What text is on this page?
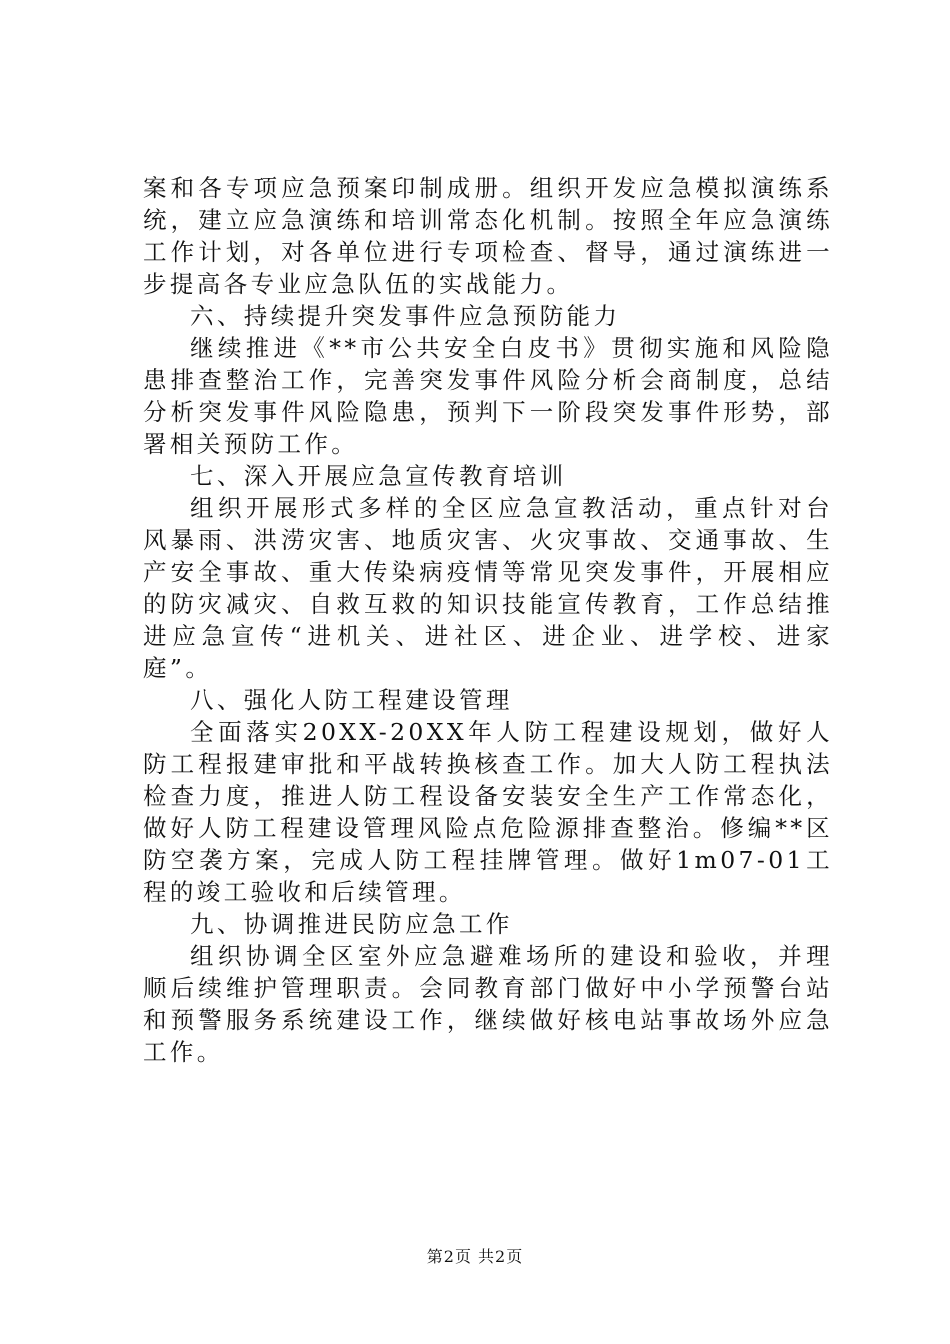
案和各专项应急预案印制成册。组织开发应急模拟演练系统，建立应急演练和培训常态化机制。按照全年应急演练工作计划，对各单位进行专项检查、督导，通过演练进一步提高各专业应急队伍的实战能力。

六、持续提升突发事件应急预防能力

继续推进《**市公共安全白皮书》贯彻实施和风险隐患排查整治工作，完善突发事件风险分析会商制度，总结分析突发事件风险隐患，预判下一阶段突发事件形势，部署相关预防工作。

七、深入开展应急宣传教育培训

组织开展形式多样的全区应急宣教活动，重点针对台风暴雨、洪涝灾害、地质灾害、火灾事故、交通事故、生产安全事故、重大传染病疫情等常见突发事件，开展相应的防灾减灾、自救互救的知识技能宣传教育，工作总结推进应急宣传“进机关、进社区、进企业、进学校、进家庭”。

八、强化人防工程建设管理

全面落实20XX-20XX年人防工程建设规划，做好人防工程报建审批和平战转换核查工作。加大人防工程执法检查力度，推进人防工程设备安装安全生产工作常态化，做好人防工程建设管理风险点危险源排查整治。修编**区防空袭方案，完成人防工程挂牌管理。做好1m07-01工程的竣工验收和后续管理。

九、协调推进民防应急工作

组织协调全区室外应急避难场所的建设和验收，并理顺后续维护管理职责。会同教育部门做好中小学预警台站和预警服务系统建设工作，继续做好核电站事故场外应急工作。

第2页 共2页
